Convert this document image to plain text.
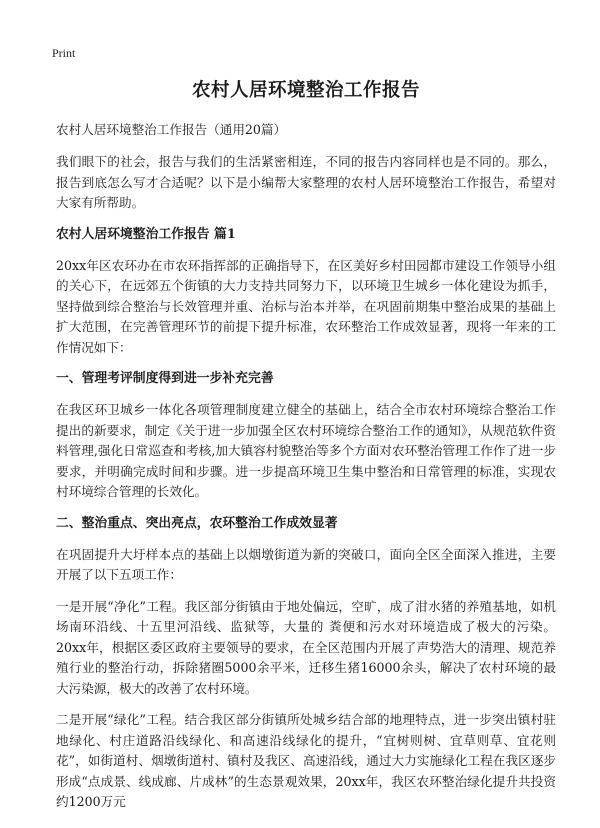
Print
农村人居环境整治工作报告
农村人居环境整治工作报告（通用20篇）

我们眼下的社会，报告与我们的生活紧密相连，不同的报告内容同样也是不同的。那么，报告到底怎么写才合适呢？以下是小编帮大家整理的农村人居环境整治工作报告，希望对大家有所帮助。

农村人居环境整治工作报告 篇1

20xx年区农环办在市农环指挥部的正确指导下，在区美好乡村田园都市建设工作领导小组的关心下，在远郊五个街镇的大力支持共同努力下，以环境卫生城乡一体化建设为抓手，坚持做到综合整治与长效管理并重、治标与治本并举，在巩固前期集中整治成果的基础上扩大范围，在完善管理环节的前提下提升标准，农环整治工作成效显著，现将一年来的工作情况如下：

一、管理考评制度得到进一步补充完善

在我区环卫城乡一体化各项管理制度建立健全的基础上，结合全市农村环境综合整治工作提出的新要求，制定《关于进一步加强全区农村环境综合整治工作的通知》，从规范软件资料管理,强化日常巡查和考核,加大镇容村貌整治等多个方面对农环整治管理工作作了进一步要求，并明确完成时间和步骤。进一步提高环境卫生集中整治和日常管理的标准，实现农村环境综合管理的长效化。

二、整治重点、突出亮点，农环整治工作成效显著

在巩固提升大圩样本点的基础上以烟墩街道为新的突破口，面向全区全面深入推进，主要开展了以下五项工作：

一是开展“净化”工程。我区部分街镇由于地处偏远，空旷，成了泔水猪的养殖基地，如机场南环沿线、十五里河沿线、监狱等，大量的 粪便和污水对环境造成了极大的污染。20xx年，根据区委区政府主要领导的要求，在全区范围内开展了声势浩大的清理、规范养殖行业的整治行动，拆除猪圈5000余平米，迁移生猪16000余头，解决了农村环境的最大污染源，极大的改善了农村环境。

二是开展“绿化”工程。结合我区部分街镇所处城乡结合部的地理特点，进一步突出镇村驻地绿化、村庄道路沿线绿化、和高速沿线绿化的提升，“宜树则树、宜草则草、宜花则花”，如街道村、烟墩街道村、镇村及我区、高速沿线，通过大力实施绿化工程在我区逐步形成“点成景、线成廊、片成林”的生态景观效果，20xx年，我区农环整治绿化提升共投资约1200万元
